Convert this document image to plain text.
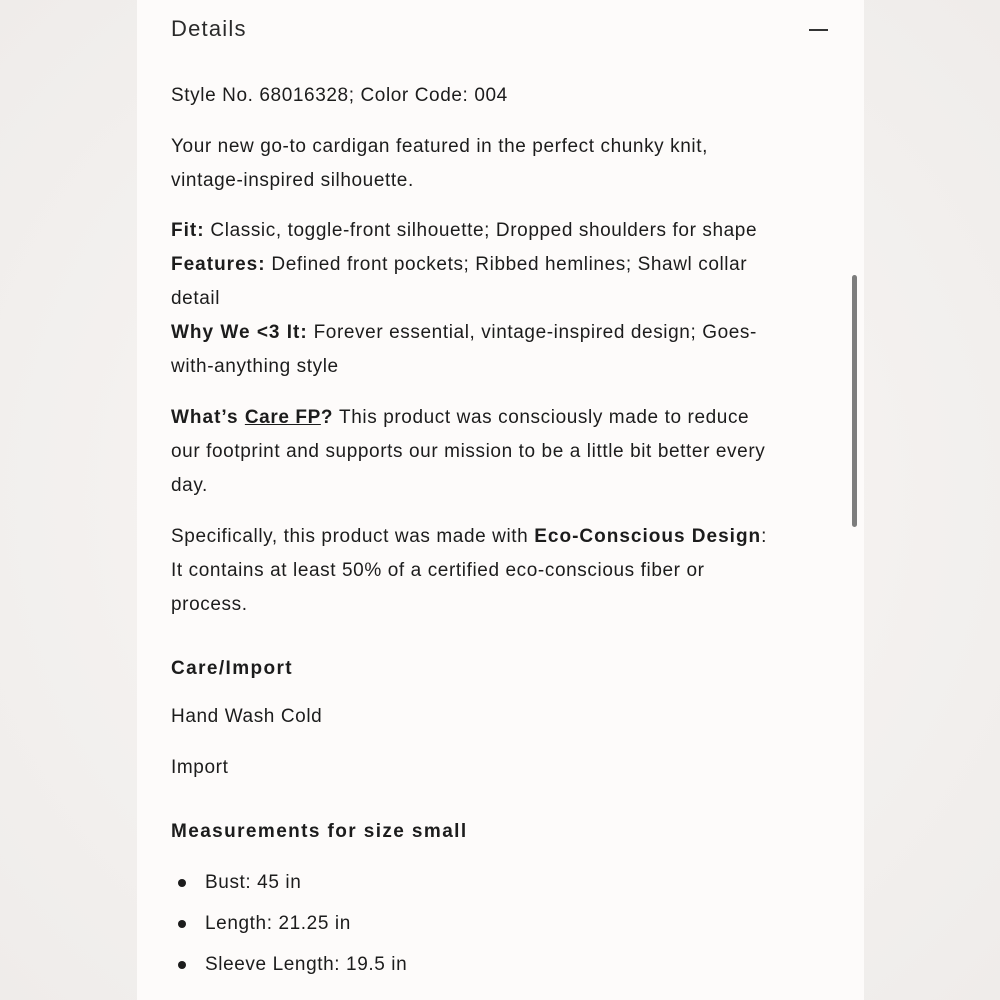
Details
Style No. 68016328; Color Code: 004
Your new go-to cardigan featured in the perfect chunky knit,
vintage-inspired silhouette.
Fit: Classic, toggle-front silhouette; Dropped shoulders for shape
Features: Defined front pockets; Ribbed hemlines; Shawl collar
detail
Why We <3 It: Forever essential, vintage-inspired design; Goes-
with-anything style
What’s Care FP? This product was consciously made to reduce
our footprint and supports our mission to be a little bit better every
day.
Specifically, this product was made with Eco-Conscious Design:
It contains at least 50% of a certified eco-conscious fiber or
process.
Care/Import
Hand Wash Cold
Import
Measurements for size small
Bust: 45 in
Length: 21.25 in
Sleeve Length: 19.5 in
